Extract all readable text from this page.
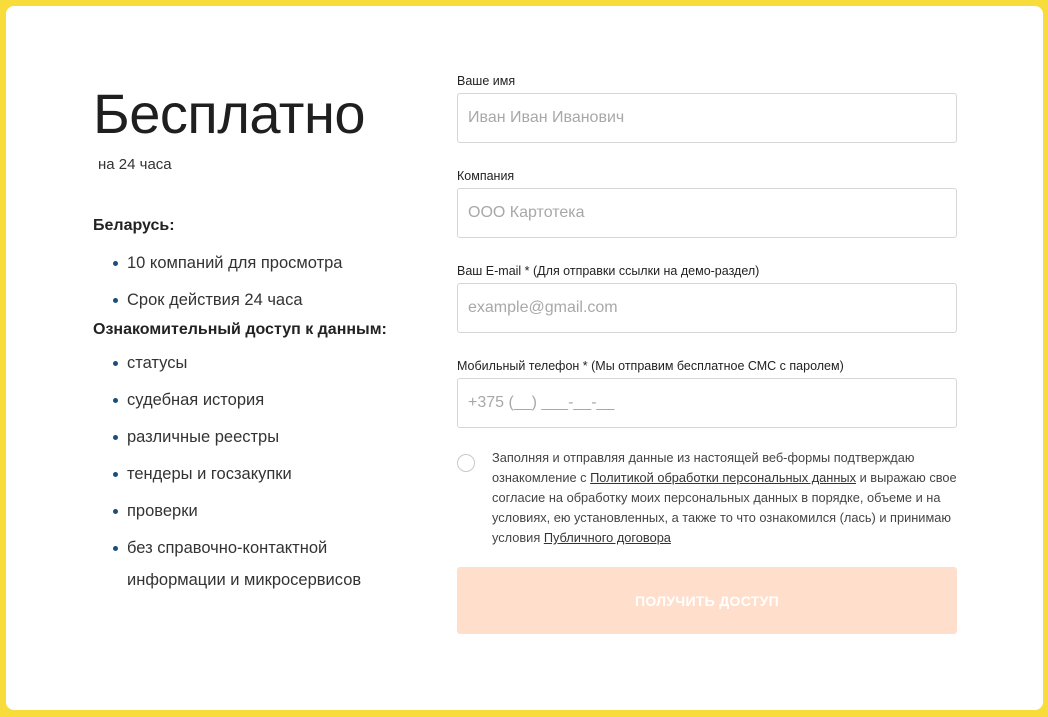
Бесплатно
на 24 часа
Беларусь:
10 компаний для просмотра
Срок действия 24 часа
Ознакомительный доступ к данным:
статусы
судебная история
различные реестры
тендеры и госзакупки
проверки
без справочно-контактной
информации и микросервисов
Ваше имя
Иван Иван Иванович
Компания
ООО Картотека
Ваш E-mail * (Для отправки ссылки на демо-раздел)
example@gmail.com
Мобильный телефон * (Мы отправим бесплатное СМС с паролем)
+375 (__) ___-__-__
Заполняя и отправляя данные из настоящей веб-формы подтверждаю ознакомление с Политикой обработки персональных данных и выражаю свое согласие на обработку моих персональных данных в порядке, объеме и на условиях, ею установленных, а также то что ознакомился (лась) и принимаю условия Публичного договора
ПОЛУЧИТЬ ДОСТУП
